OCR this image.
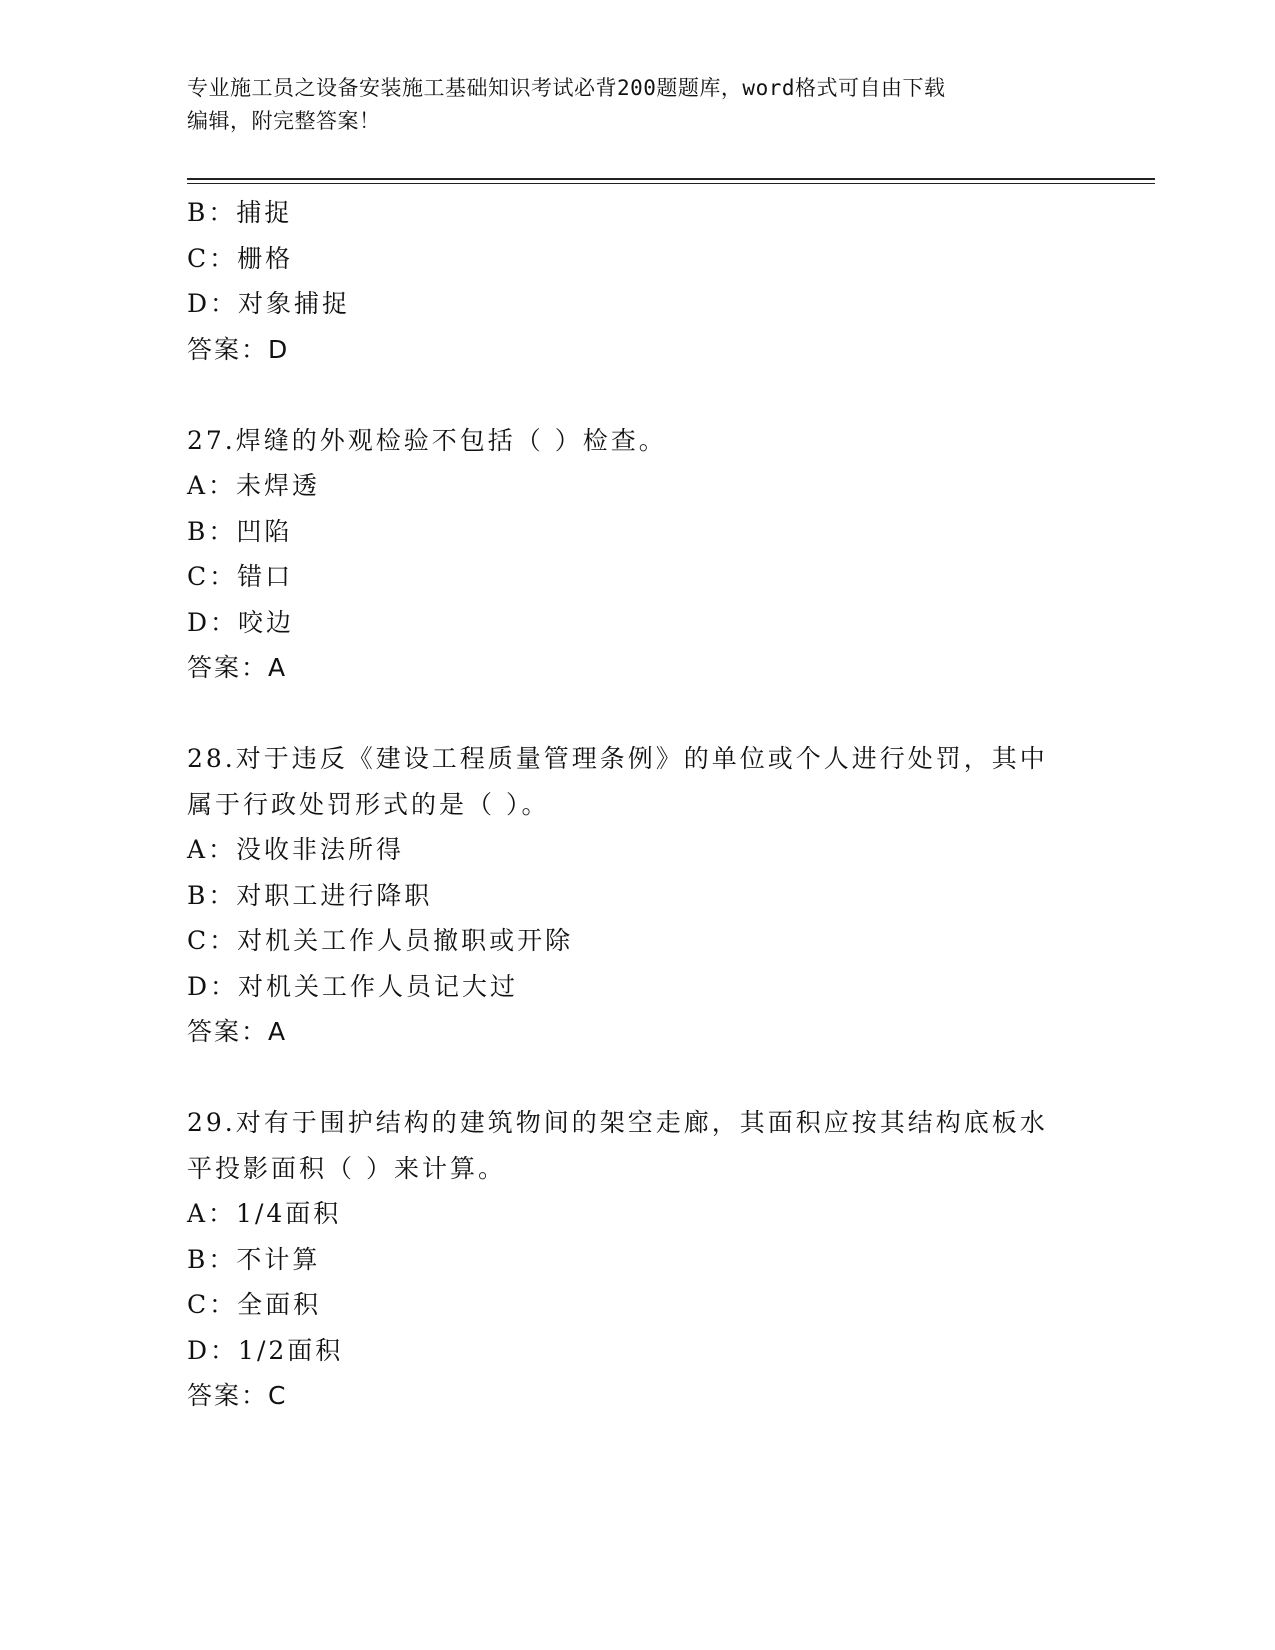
专业施工员之设备安装施工基础知识考试必背200题题库，word格式可自由下载
编辑，附完整答案！
B：捕捉
C：栅格
D：对象捕捉
答案：D
27.焊缝的外观检验不包括（ ）检查。
A：未焊透
B：凹陷
C：错口
D：咬边
答案：A
28.对于违反《建设工程质量管理条例》的单位或个人进行处罚，其中
属于行政处罚形式的是（ ）。
A：没收非法所得
B：对职工进行降职
C：对机关工作人员撤职或开除
D：对机关工作人员记大过
答案：A
29.对有于围护结构的建筑物间的架空走廊，其面积应按其结构底板水
平投影面积（ ）来计算。
A：1/4面积
B：不计算
C：全面积
D：1/2面积
答案：C
